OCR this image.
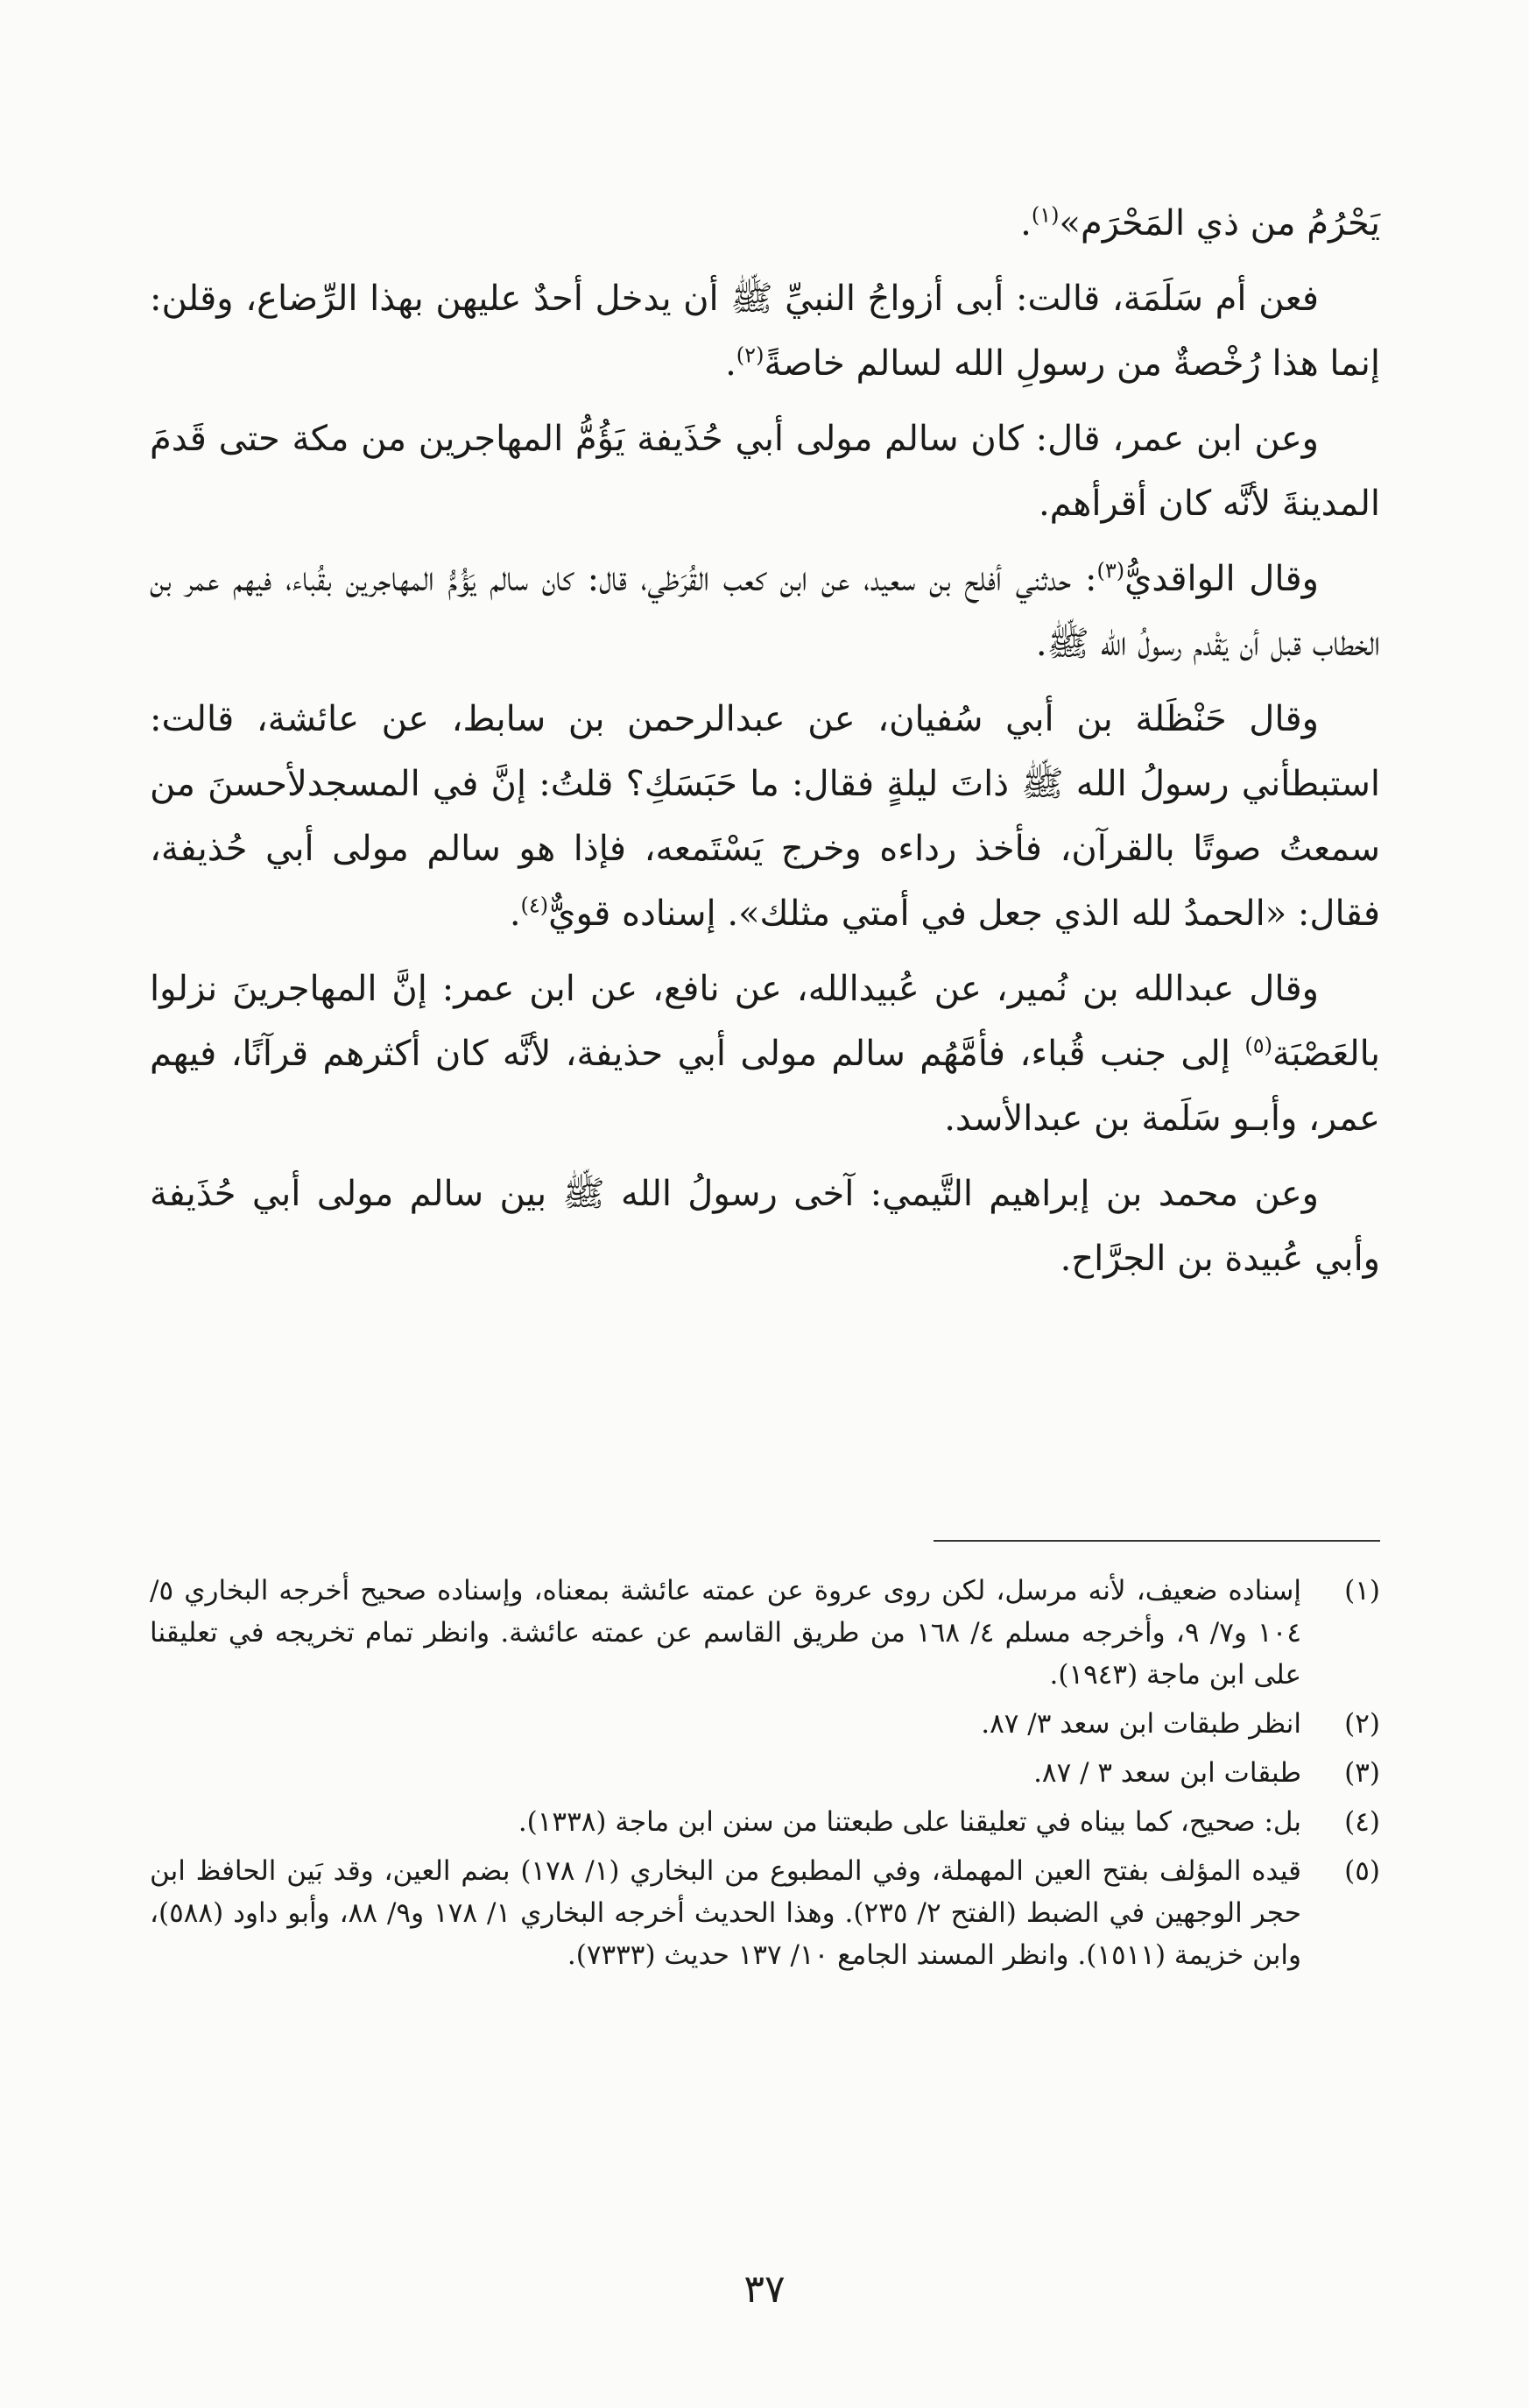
يَحْرُمُ من ذي المَحْرَم»$^{(١)}$.

فعن أم سَلَمَة، قالت: أبى أزواجُ النبيِّ ﷺ أن يدخل أحدٌ عليهن بهذا الرِّضاع، وقلن: إنما هذا رُخْصةٌ من رسولِ الله لسالم خاصةً$^{(٢)}$.

وعن ابن عمر، قال: كان سالم مولى أبي حُذَيفة يَؤُمُّ المهاجرين من مكة حتى قَدمَ المدينةَ لأنَّه كان أقرأهم.

وقال الواقديُّ$^{(٣)}$: حدثني أفلح بن سعيد، عن ابن كعب القُرَظي، قال: كان سالم يَؤُمُّ المهاجرين بقُباء، فيهم عمر بن الخطاب قبل أن يَقْدم رسولُ الله ﷺ.

وقال حَنْظَلة بن أبي سُفيان، عن عبدالرحمن بن سابط، عن عائشة، قالت: استبطأني رسولُ الله ﷺ ذاتَ ليلةٍ فقال: ما حَبَسَكِ؟ قلتُ: إنَّ في المسجدلأحسنَ من سمعتُ صوتًا بالقرآن، فأخذ رداءه وخرج يَسْتَمعه، فإذا هو سالم مولى أبي حُذيفة، فقال: «الحمدُ لله الذي جعل في أمتي مثلك». إسناده قويٌّ$^{(٤)}$.

وقال عبدالله بن نُمير، عن عُبيدالله، عن نافع، عن ابن عمر: إنَّ المهاجرينَ نزلوا بالعَصْبَة$^{(٥)}$ إلى جنب قُباء، فأمَّهُم سالم مولى أبي حذيفة، لأنَّه كان أكثرهم قرآنًا، فيهم عمر، وأبـو سَلَمة بن عبدالأسد.

وعن محمد بن إبراهيم التَّيمي: آخى رسولُ الله ﷺ بين سالم مولى أبي حُذَيفة وأبي عُبيدة بن الجرَّاح.

(١)
إسناده ضعيف، لأنه مرسل، لكن روى عروة عن عمته عائشة بمعناه، وإسناده صحيح أخرجه البخاري ٥/ ١٠٤ و٧/ ٩، وأخرجه مسلم ٤/ ١٦٨ من طريق القاسم عن عمته عائشة. وانظر تمام تخريجه في تعليقنا على ابن ماجة (١٩٤٣).
(٢)
انظر طبقات ابن سعد ٣/ ٨٧.
(٣)
طبقات ابن سعد ٣ / ٨٧.
(٤)
بل: صحيح، كما بيناه في تعليقنا على طبعتنا من سنن ابن ماجة (١٣٣٨).
(٥)
قيده المؤلف بفتح العين المهملة، وفي المطبوع من البخاري (١/ ١٧٨) بضم العين، وقد بَين الحافظ ابن حجر الوجهين في الضبط (الفتح ٢/ ٢٣٥). وهذا الحديث أخرجه البخاري ١/ ١٧٨ و٩/ ٨٨، وأبو داود (٥٨٨)، وابن خزيمة (١٥١١). وانظر المسند الجامع ١٠/ ١٣٧ حديث (٧٣٣٣).
٣٧
